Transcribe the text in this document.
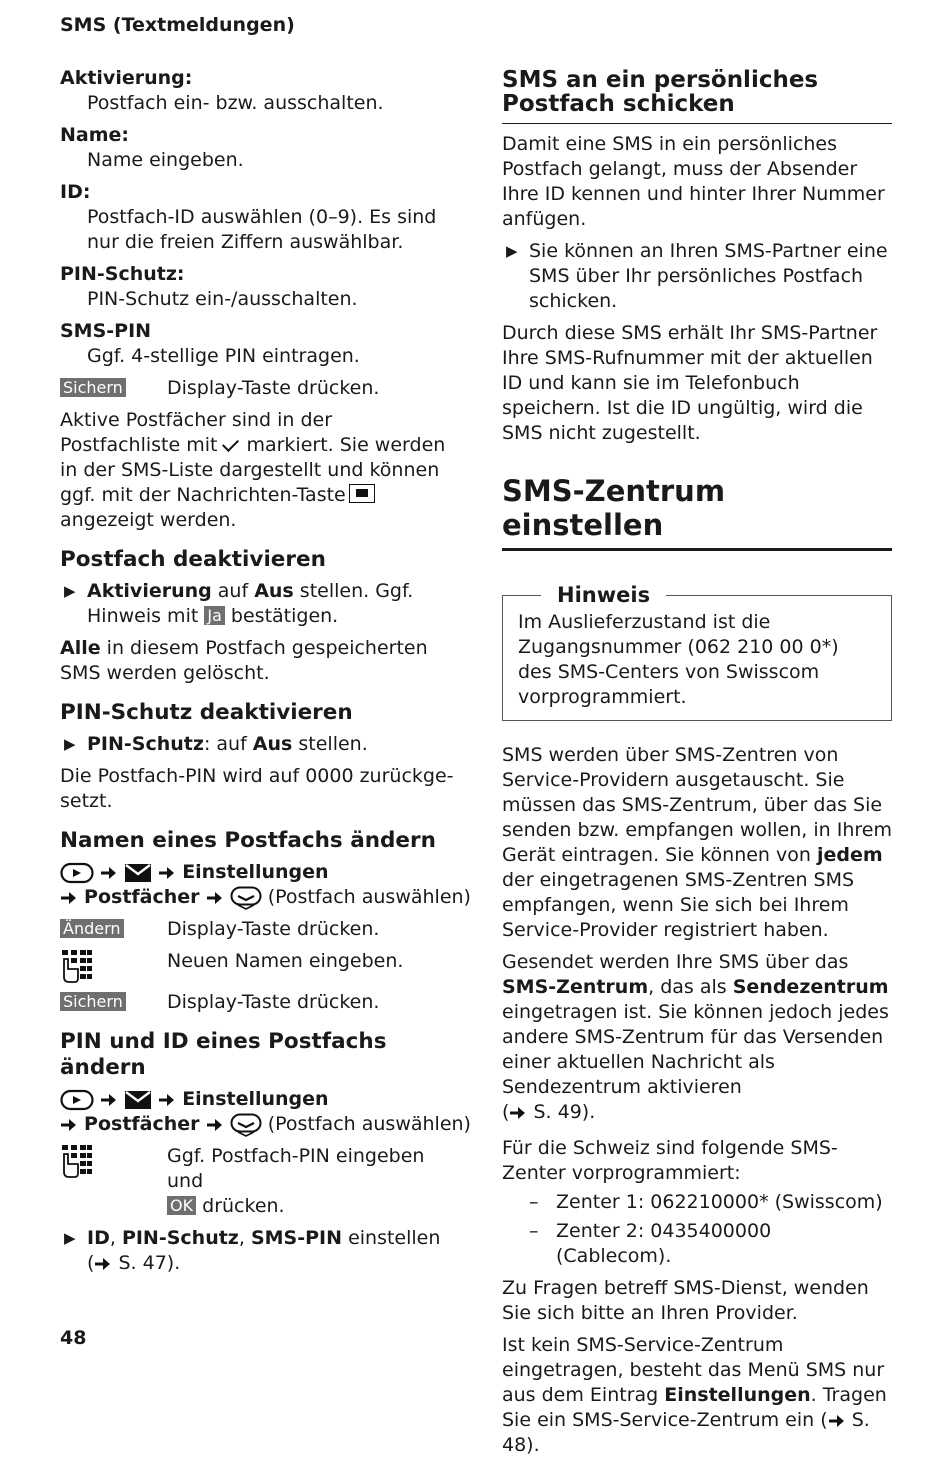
SMS (Textmeldungen)
Aktivierung:
Postfach ein- bzw. ausschalten.
Name:
Name eingeben.
ID:
Postfach-ID auswählen (0–9). Es sind nur die freien Ziffern auswählbar.
PIN-Schutz:
PIN-Schutz ein-/ausschalten.
SMS-PIN
Ggf. 4-stellige PIN eintragen.
Sichern	Display-Taste drücken.
Aktive Postfächer sind in der Postfachliste mit markiert. Sie werden in der SMS-Liste dargestellt und können ggf. mit der Nachrichten-Tasteangezeigt werden.
Postfach deaktivieren
▶ Aktivierung auf Aus stellen. Ggf. Hinweis mit Ja bestätigen.
Alle in diesem Postfach gespeicherten SMS werden gelöscht.
PIN-Schutz deaktivieren
▶ PIN-Schutz: auf Aus stellen.
Die Postfach-PIN wird auf 0000 zurückgesetzt.
Namen eines Postfachs ändern
Einstellungen
Postfächer	(Postfach auswählen)
Ändern	Display-Taste drücken.
Neuen Namen eingeben.
Sichern	Display-Taste drücken.
PIN und ID eines Postfachs ändern
Einstellungen
Postfächer	(Postfach auswählen)
Ggf. Postfach-PIN eingeben und
OK drücken.
▶ ID, PIN-Schutz, SMS-PIN einstellen
( S. 47).
SMS an ein persönliches Postfach schicken
Damit eine SMS in ein persönliches Postfach gelangt, muss der Absender Ihre ID kennen und hinter Ihrer Nummer anfügen.
▶ Sie können an Ihren SMS-Partner eine SMS über Ihr persönliches Postfach schicken.
Durch diese SMS erhält Ihr SMS-Partner Ihre SMS-Rufnummer mit der aktuellen ID und kann sie im Telefonbuch speichern. Ist die ID ungültig, wird die SMS nicht zugestellt.
SMS-Zentrum einstellen
Hinweis
Im Auslieferzustand ist die Zugangsnummer (062 210 00 0*) des SMS-Centers von Swisscom vorprogrammiert.
SMS werden über SMS-Zentren von Service-Providern ausgetauscht. Sie müssen das SMS-Zentrum, über das Sie senden bzw. empfangen wollen, in Ihrem Gerät eintragen. Sie können von jedem der eingetragenen SMS-Zentren SMS empfangen, wenn Sie sich bei Ihrem Service-Provider registriert haben.
Gesendet werden Ihre SMS über das SMS-Zentrum, das als Sendezentrum eingetragen ist. Sie können jedoch jedes andere SMS-Zentrum für das Versenden einer aktuellen Nachricht als Sendezentrum aktivieren
( S. 49).
Für die Schweiz sind folgende SMS-Zenter vorprogrammiert:
– Zenter 1: 062210000* (Swisscom)
– Zenter 2: 0435400000 (Cablecom).
Zu Fragen betreff SMS-Dienst, wenden Sie sich bitte an Ihren Provider.
Ist kein SMS-Service-Zentrum eingetragen, besteht das Menü SMS nur aus dem Eintrag Einstellungen. Tragen Sie ein SMS-Service-Zentrum ein ( S. 48).
48
